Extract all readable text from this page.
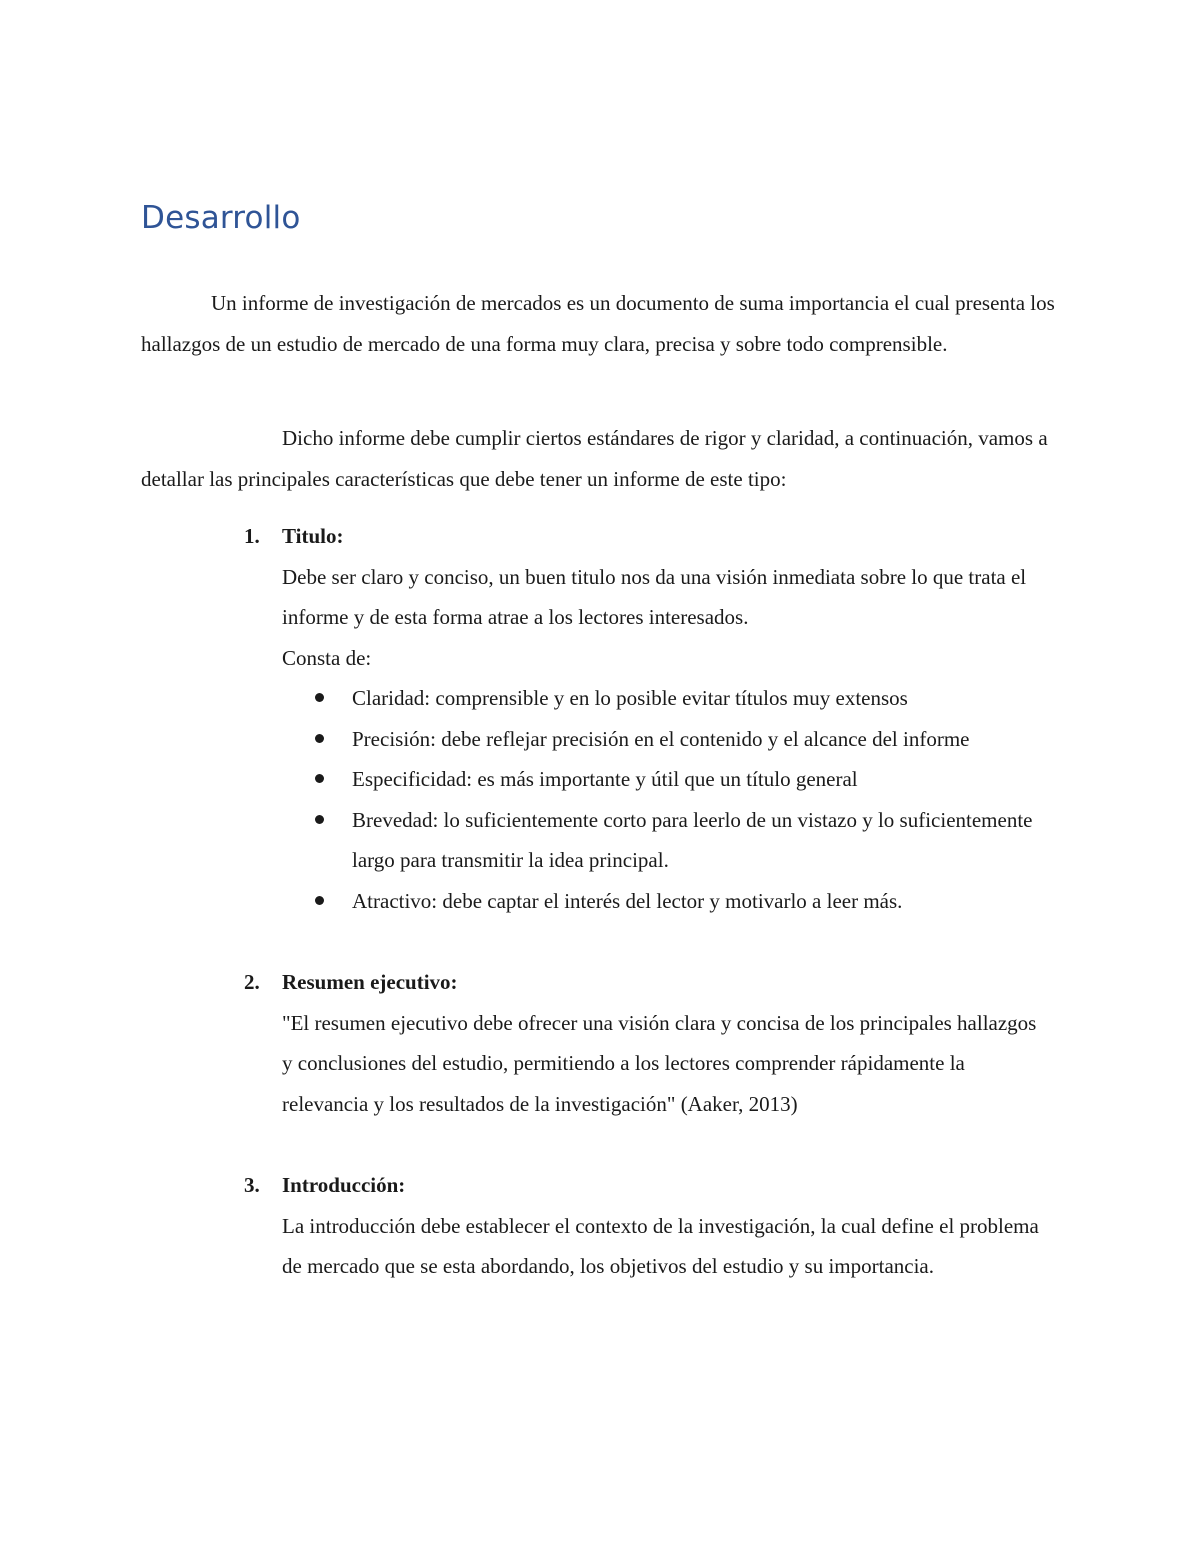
Desarrollo

Un informe de investigación de mercados es un documento de suma importancia el cual presenta los hallazgos de un estudio de mercado de una forma muy clara, precisa y sobre todo comprensible.

Dicho informe debe cumplir ciertos estándares de rigor y claridad, a continuación, vamos a detallar las principales características que debe tener un informe de este tipo:

1. Titulo:
Debe ser claro y conciso, un buen titulo nos da una visión inmediata sobre lo que trata el informe y de esta forma atrae a los lectores interesados.
Consta de:
Claridad: comprensible y en lo posible evitar títulos muy extensos
Precisión: debe reflejar precisión en el contenido y el alcance del informe
Especificidad: es más importante y útil que un título general
Brevedad: lo suficientemente corto para leerlo de un vistazo y lo suficientemente largo para transmitir la idea principal.
Atractivo: debe captar el interés del lector y motivarlo a leer más.
2. Resumen ejecutivo:
"El resumen ejecutivo debe ofrecer una visión clara y concisa de los principales hallazgos y conclusiones del estudio, permitiendo a los lectores comprender rápidamente la relevancia y los resultados de la investigación" (Aaker, 2013)
3. Introducción:
La introducción debe establecer el contexto de la investigación, la cual define el problema de mercado que se esta abordando, los objetivos del estudio y su importancia.
